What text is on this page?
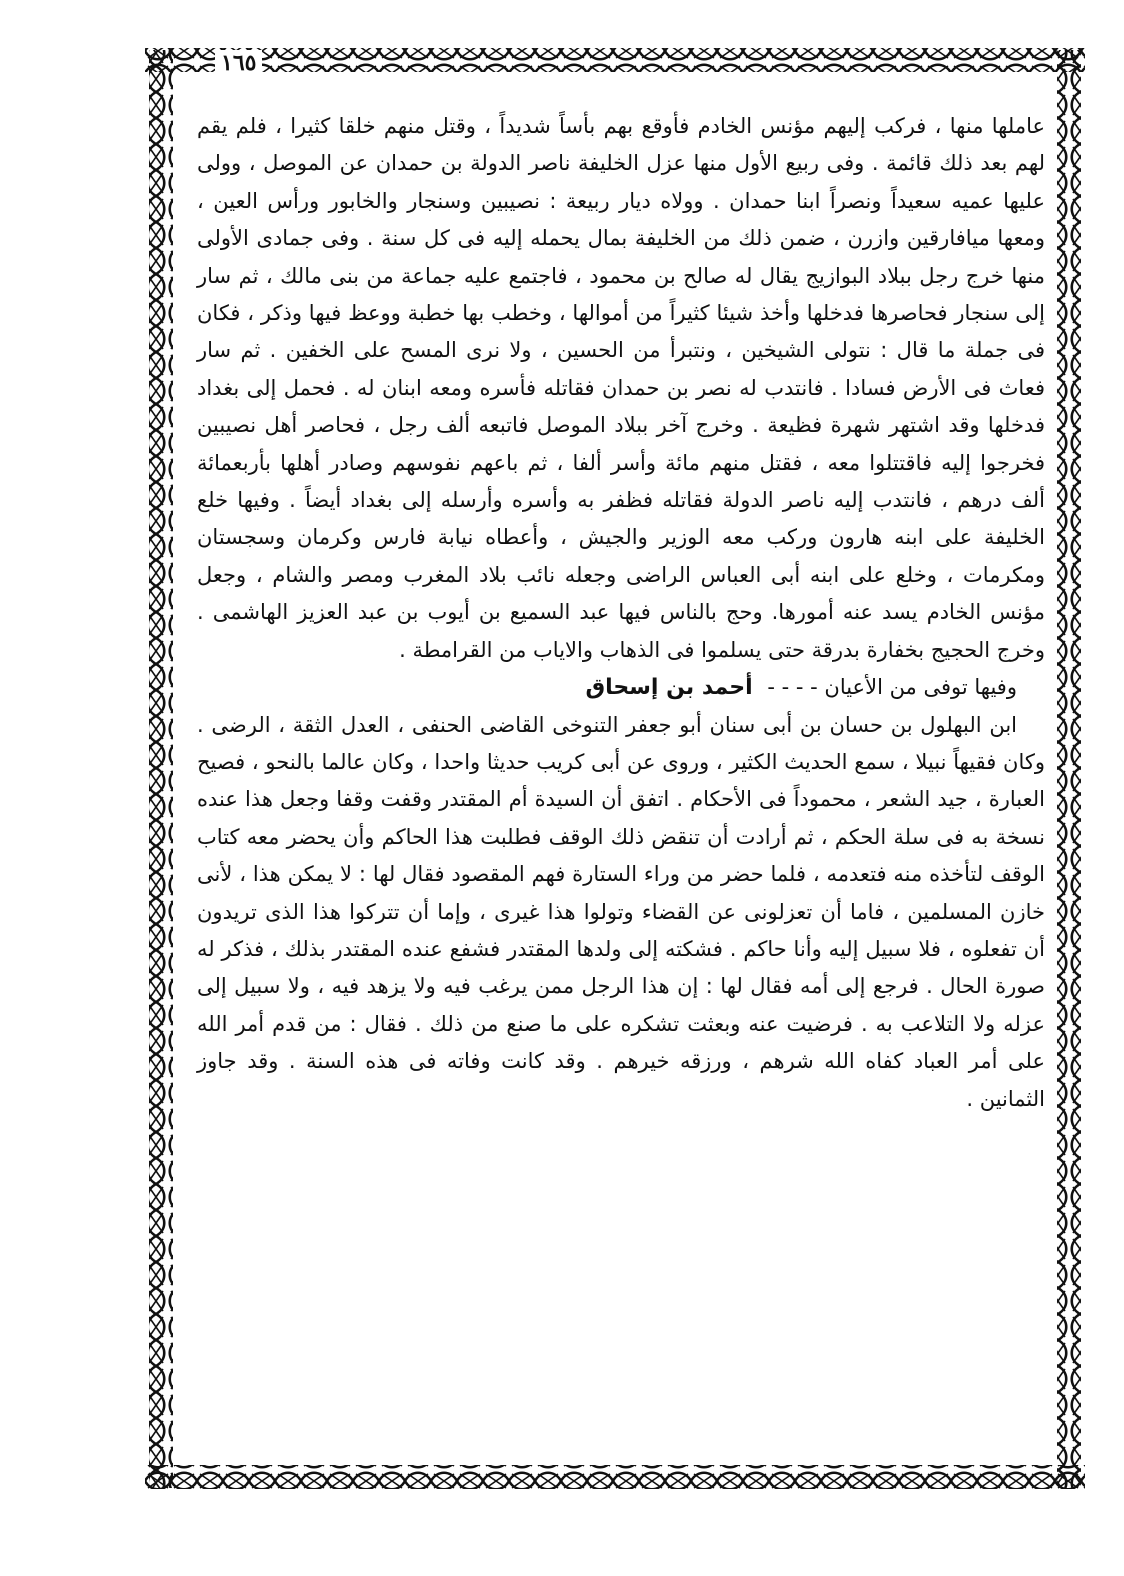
١٦٥

عاملها منها ، فركب إليهم مؤنس الخادم فأوقع بهم بأساً شديداً ، وقتل منهم خلقا كثيرا ، فلم يقم لهم بعد ذلك قائمة . وفى ربيع الأول منها عزل الخليفة ناصر الدولة بن حمدان عن الموصل ، وولى عليها عميه سعيداً ونصراً ابنا حمدان . وولاه ديار ربيعة : نصيبين وسنجار والخابور ورأس العين ، ومعها ميافارقين وازرن ، ضمن ذلك من الخليفة بمال يحمله إليه فى كل سنة . وفى جمادى الأولى منها خرج رجل ببلاد البوازيج يقال له صالح بن محمود ، فاجتمع عليه جماعة من بنى مالك ، ثم سار إلى سنجار فحاصرها فدخلها وأخذ شيئا كثيراً من أموالها ، وخطب بها خطبة ووعظ فيها وذكر ، فكان فى جملة ما قال : نتولى الشيخين ، ونتبرأ من الحسين ، ولا نرى المسح على الخفين . ثم سار فعاث فى الأرض فسادا . فانتدب له نصر بن حمدان فقاتله فأسره ومعه ابنان له . فحمل إلى بغداد فدخلها وقد اشتهر شهرة فظيعة . وخرج آخر ببلاد الموصل فاتبعه ألف رجل ، فحاصر أهل نصيبين فخرجوا إليه فاقتتلوا معه ، فقتل منهم مائة وأسر ألفا ، ثم باعهم نفوسهم وصادر أهلها بأربعمائة ألف درهم ، فانتدب إليه ناصر الدولة فقاتله فظفر به وأسره وأرسله إلى بغداد أيضاً . وفيها خلع الخليفة على ابنه هارون وركب معه الوزير والجيش ، وأعطاه نيابة فارس وكرمان وسجستان ومكرمات ، وخلع على ابنه أبى العباس الراضى وجعله نائب بلاد المغرب ومصر والشام ، وجعل مؤنس الخادم يسد عنه أمورها. وحج بالناس فيها عبد السميع بن أيوب بن عبد العزيز الهاشمى . وخرج الحجيج بخفارة بدرقة حتى يسلموا فى الذهاب والاياب من القرامطة .

وفيها توفى من الأعيان - - - - أحمد بن إسحاق

ابن البهلول بن حسان بن أبى سنان أبو جعفر التنوخى القاضى الحنفى ، العدل الثقة ، الرضى . وكان فقيهاً نبيلا ، سمع الحديث الكثير ، وروى عن أبى كريب حديثا واحدا ، وكان عالما بالنحو ، فصيح العبارة ، جيد الشعر ، محموداً فى الأحكام . اتفق أن السيدة أم المقتدر وقفت وقفا وجعل هذا عنده نسخة به فى سلة الحكم ، ثم أرادت أن تنقض ذلك الوقف فطلبت هذا الحاكم وأن يحضر معه كتاب الوقف لتأخذه منه فتعدمه ، فلما حضر من وراء الستارة فهم المقصود فقال لها : لا يمكن هذا ، لأنى خازن المسلمين ، فاما أن تعزلونى عن القضاء وتولوا هذا غيرى ، وإما أن تتركوا هذا الذى تريدون أن تفعلوه ، فلا سبيل إليه وأنا حاكم . فشكته إلى ولدها المقتدر فشفع عنده المقتدر بذلك ، فذكر له صورة الحال . فرجع إلى أمه فقال لها : إن هذا الرجل ممن يرغب فيه ولا يزهد فيه ، ولا سبيل إلى عزله ولا التلاعب به . فرضيت عنه وبعثت تشكره على ما صنع من ذلك . فقال : من قدم أمر الله على أمر العباد كفاه الله شرهم ، ورزقه خيرهم . وقد كانت وفاته فى هذه السنة . وقد جاوز الثمانين .
